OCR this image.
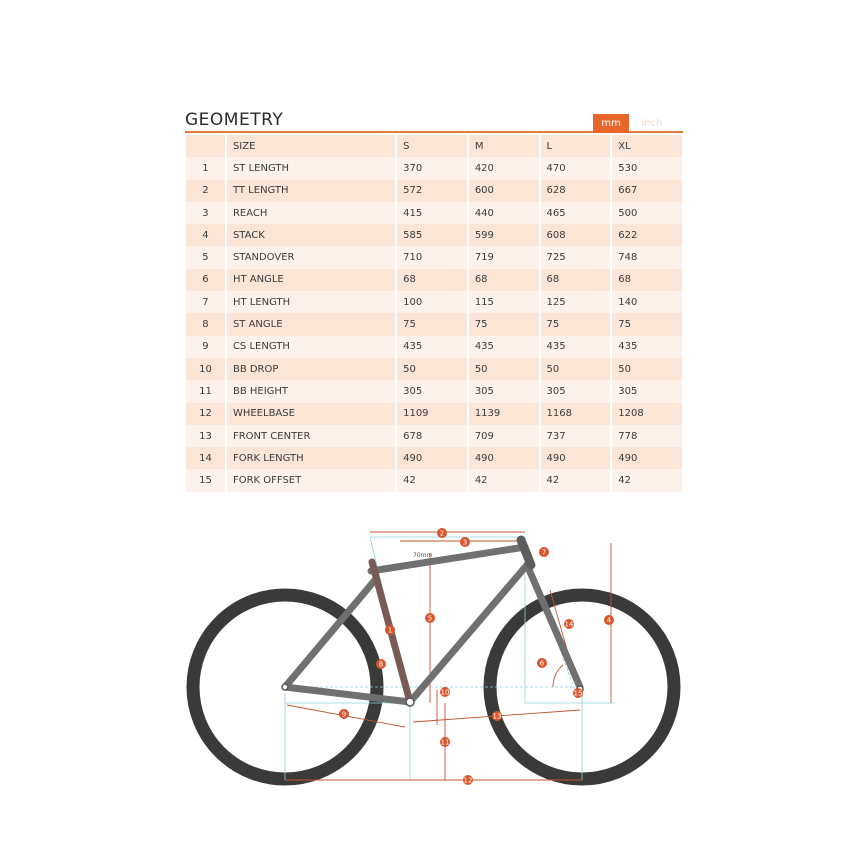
GEOMETRY	mm	inch
	SIZE	S	M	L	XL
1	ST LENGTH	370	420	470	530
2	TT LENGTH	572	600	628	667
3	REACH	415	440	465	500
4	STACK	585	599	608	622
5	STANDOVER	710	719	725	748
6	HT ANGLE	68	68	68	68
7	HT LENGTH	100	115	125	140
8	ST ANGLE	75	75	75	75
9	CS LENGTH	435	435	435	435
10	BB DROP	50	50	50	50
11	BB HEIGHT	305	305	305	305
12	WHEELBASE	1109	1139	1168	1208
13	FRONT CENTER	678	709	737	778
14	FORK LENGTH	490	490	490	490
15	FORK OFFSET	42	42	42	42
70mm
1
2
3
4
5
6
7
8
9
10
11
12
13
14
15
